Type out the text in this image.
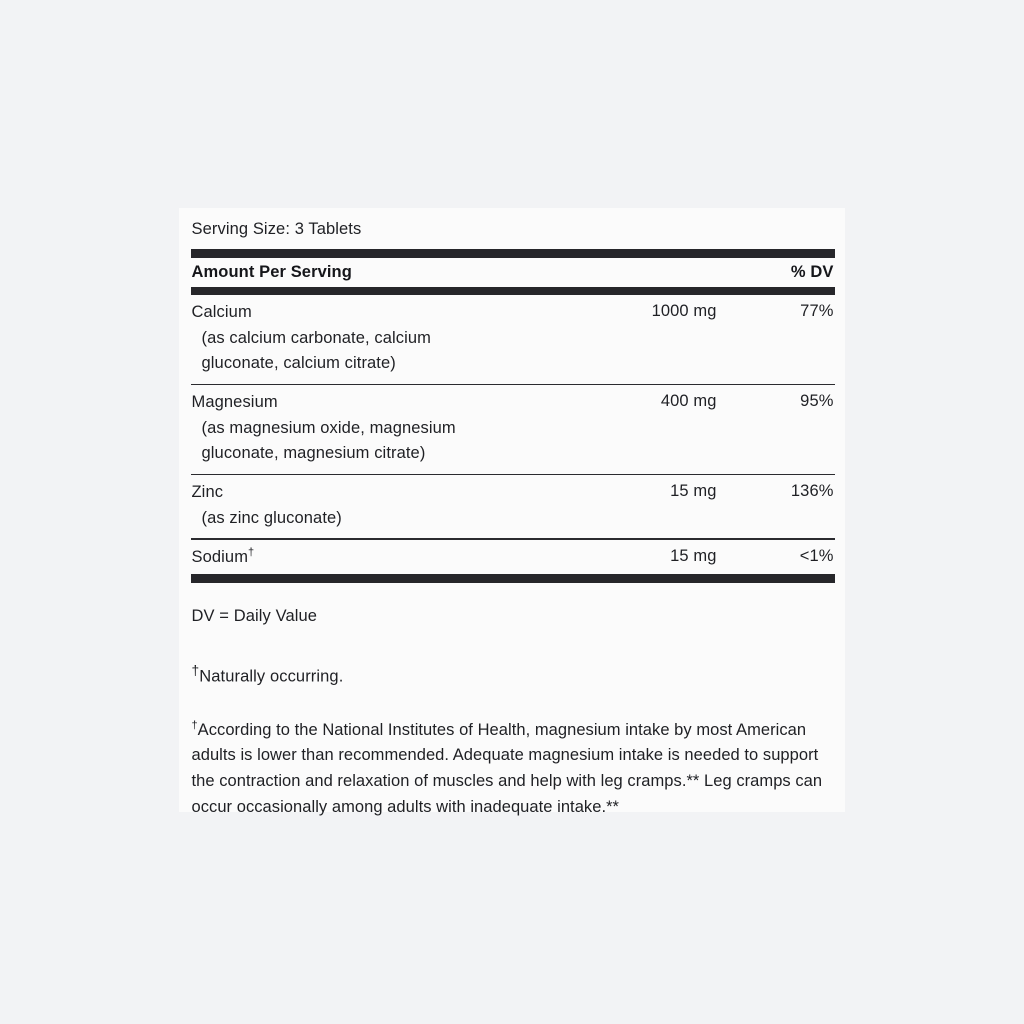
Serving Size: 3 Tablets
Amount Per Serving	% DV
Calcium
(as calcium carbonate, calcium
gluconate, calcium citrate)
1000 mg	77%
Magnesium
(as magnesium oxide, magnesium
gluconate, magnesium citrate)
400 mg	95%
Zinc
(as zinc gluconate)
15 mg	136%
Sodium†	15 mg	<1%
DV = Daily Value
†Naturally occurring.
†According to the National Institutes of Health, magnesium intake by most American adults is lower than recommended. Adequate magnesium intake is needed to support the contraction and relaxation of muscles and help with leg cramps.** Leg cramps can occur occasionally among adults with inadequate intake.**
